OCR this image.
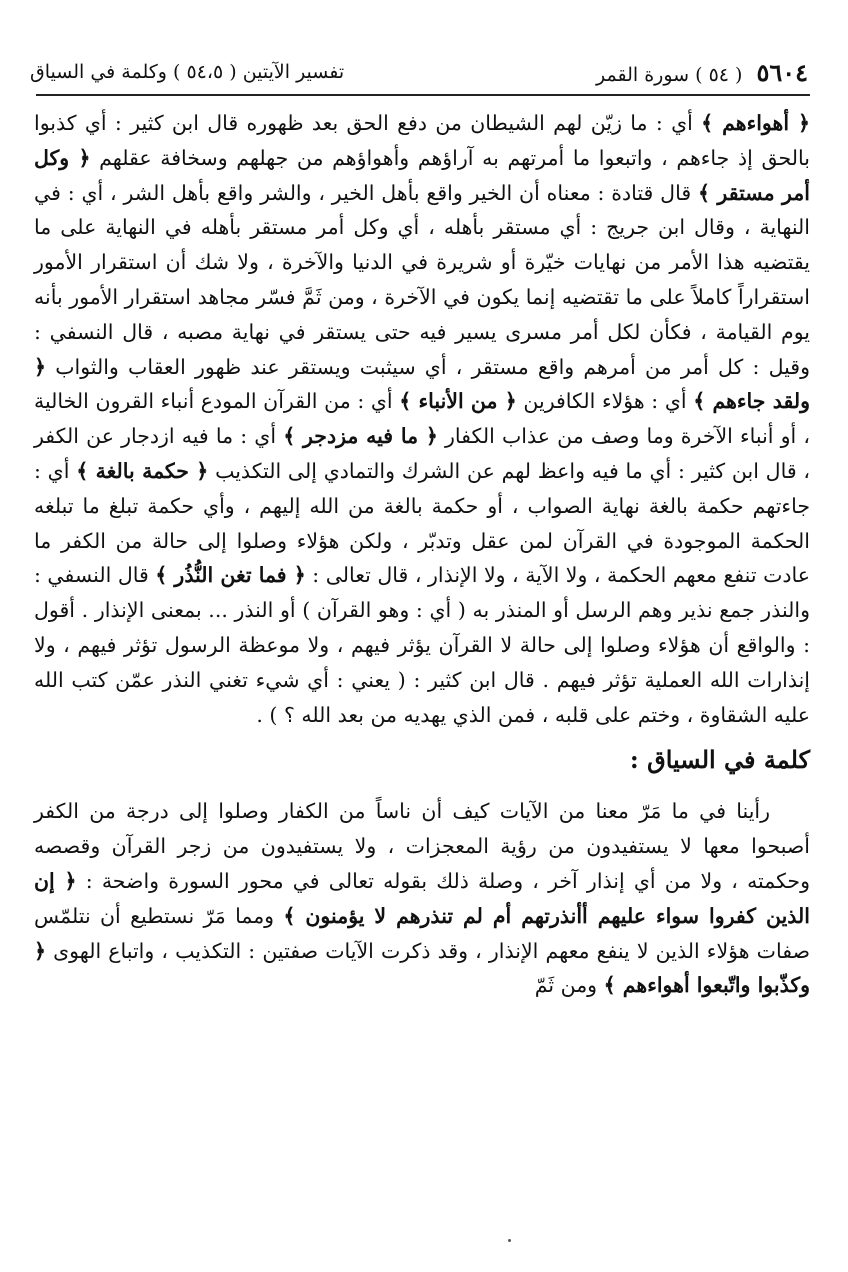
٥٦٠٤
( ٥٤ ) سورة القمر
تفسير الآيتين ( ٥٤،٥ ) وكلمة في السياق

﴿ أهواءهم ﴾ أي : ما زيّن لهم الشيطان من دفع الحق بعد ظهوره قال ابن كثير : أي كذبوا بالحق إذ جاءهم ، واتبعوا ما أمرتهم به آراؤهم وأهواؤهم من جهلهم وسخافة عقلهم ﴿ وكل أمر مستقر ﴾ قال قتادة : معناه أن الخير واقع بأهل الخير ، والشر واقع بأهل الشر ، أي : في النهاية ، وقال ابن جريج : أي مستقر بأهله ، أي وكل أمر مستقر بأهله في النهاية على ما يقتضيه هذا الأمر من نهايات خيّرة أو شريرة في الدنيا والآخرة ، ولا شك أن استقرار الأمور استقراراً كاملاً على ما تقتضيه إنما يكون في الآخرة ، ومن ثَمَّ فسّر مجاهد استقرار الأمور بأنه يوم القيامة ، فكأن لكل أمر مسرى يسير فيه حتى يستقر في نهاية مصبه ، قال النسفي : وقيل : كل أمر من أمرهم واقع مستقر ، أي سيثبت ويستقر عند ظهور العقاب والثواب ﴿ ولقد جاءهم ﴾ أي : هؤلاء الكافرين ﴿ من الأنباء ﴾ أي : من القرآن المودع أنباء القرون الخالية ، أو أنباء الآخرة وما وصف من عذاب الكفار ﴿ ما فيه مزدجر ﴾ أي : ما فيه ازدجار عن الكفر ، قال ابن كثير : أي ما فيه واعظ لهم عن الشرك والتمادي إلى التكذيب ﴿ حكمة بالغة ﴾ أي : جاءتهم حكمة بالغة نهاية الصواب ، أو حكمة بالغة من الله إليهم ، وأي حكمة تبلغ ما تبلغه الحكمة الموجودة في القرآن لمن عقل وتدبّر ، ولكن هؤلاء وصلوا إلى حالة من الكفر ما عادت تنفع معهم الحكمة ، ولا الآية ، ولا الإنذار ، قال تعالى : ﴿ فما تغن النُّذُر ﴾ قال النسفي : والنذر جمع نذير وهم الرسل أو المنذر به ( أي : وهو القرآن ) أو النذر ... بمعنى الإنذار . أقول : والواقع أن هؤلاء وصلوا إلى حالة لا القرآن يؤثر فيهم ، ولا موعظة الرسول تؤثر فيهم ، ولا إنذارات الله العملية تؤثر فيهم . قال ابن كثير : ( يعني : أي شيء تغني النذر عمّن كتب الله عليه الشقاوة ، وختم على قلبه ، فمن الذي يهديه من بعد الله ؟ ) .

كلمة في السياق :

رأينا في ما مَرّ معنا من الآيات كيف أن ناساً من الكفار وصلوا إلى درجة من الكفر أصبحوا معها لا يستفيدون من رؤية المعجزات ، ولا يستفيدون من زجر القرآن وقصصه وحكمته ، ولا من أي إنذار آخر ، وصلة ذلك بقوله تعالى في محور السورة واضحة : ﴿ إن الذين كفروا سواء عليهم أأنذرتهم أم لم تنذرهم لا يؤمنون ﴾ ومما مَرّ نستطيع أن نتلمّس صفات هؤلاء الذين لا ينفع معهم الإنذار ، وقد ذكرت الآيات صفتين : التكذيب ، واتباع الهوى ﴿ وكذّبوا واتّبعوا أهواءهم ﴾ ومن ثَمّ
